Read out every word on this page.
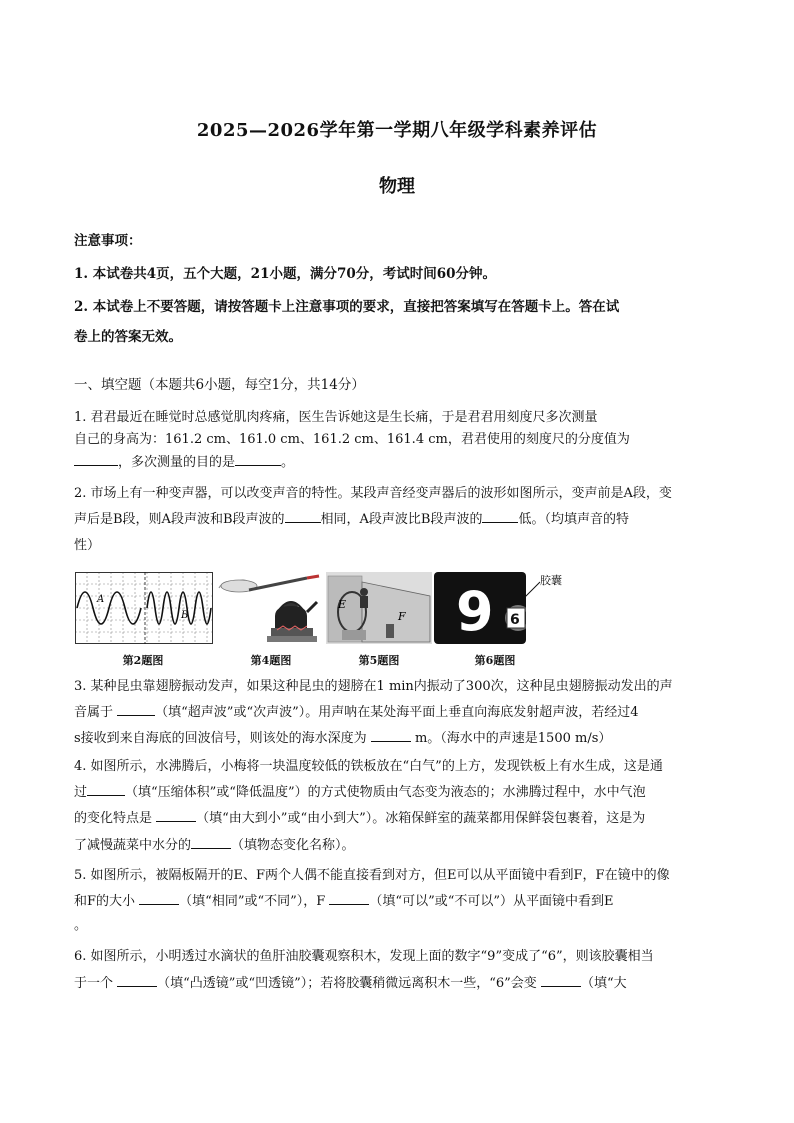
2025—2026学年第一学期八年级学科素养评估
物理
注意事项：
1. 本试卷共4页，五个大题，21小题，满分70分，考试时间60分钟。
2. 本试卷上不要答题，请按答题卡上注意事项的要求，直接把答案填写在答题卡上。答在试
卷上的答案无效。
一、填空题（本题共6小题，每空1分，共14分）
1. 君君最近在睡觉时总感觉肌肉疼痛，医生告诉她这是生长痛，于是君君用刻度尺多次测量
自己的身高为：161.2 cm、161.0 cm、161.2 cm、161.4 cm，君君使用的刻度尺的分度值为
，多次测量的目的是	。
2. 市场上有一种变声器，可以改变声音的特性。某段声音经变声器后的波形如图所示，变声前是A段，变
声后是B段，则A段声波和B段声波的	相同，A段声波比B段声波的	低。（均填声音的特
性）
A
B
第2题图	第4题图
F
E
第5题图
9 6
胶囊
第6题图
3. 某种昆虫靠翅膀振动发声，如果这种昆虫的翅膀在1 min内振动了300次，这种昆虫翅膀振动发出的声
音属于	（填“超声波”或“次声波”）。用声呐在某处海平面上垂直向海底发射超声波，若经过4
s接收到来自海底的回波信号，则该处的海水深度为	m。（海水中的声速是1500 m/s）
4. 如图所示，水沸腾后，小梅将一块温度较低的铁板放在“白气”的上方，发现铁板上有水生成，这是通
过	（填“压缩体积”或“降低温度”）的方式使物质由气态变为液态的；水沸腾过程中，水中气泡
的变化特点是	（填“由大到小”或“由小到大”）。冰箱保鲜室的蔬菜都用保鲜袋包裹着，这是为
了减慢蔬菜中水分的	（填物态变化名称）。
5. 如图所示，被隔板隔开的E、F两个人偶不能直接看到对方，但E可以从平面镜中看到F，F在镜中的像
和F的大小	（填“相同”或“不同”），F	（填“可以”或“不可以”）从平面镜中看到E
。
6. 如图所示，小明透过水滴状的鱼肝油胶囊观察积木，发现上面的数字“9”变成了“6”，则该胶囊相当
于一个	（填“凸透镜”或“凹透镜”）；若将胶囊稍微远离积木一些，“6”会变	（填“大
